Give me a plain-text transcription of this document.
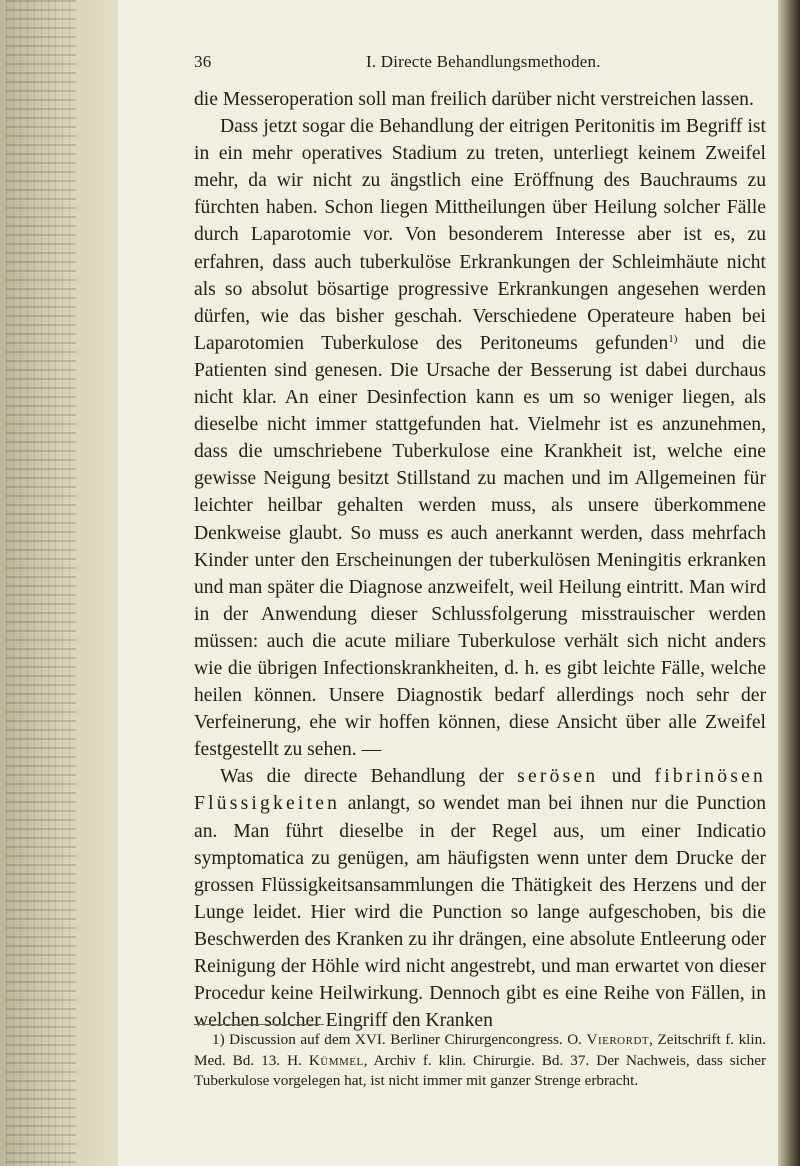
36	I. Directe Behandlungsmethoden.

die Messeroperation soll man freilich darüber nicht verstreichen lassen.

Dass jetzt sogar die Behandlung der eitrigen Peritonitis im Begriff ist in ein mehr operatives Stadium zu treten, unterliegt keinem Zweifel mehr, da wir nicht zu ängstlich eine Eröffnung des Bauchraums zu fürchten haben. Schon liegen Mittheilungen über Heilung solcher Fälle durch Laparotomie vor. Von besonderem Interesse aber ist es, zu erfahren, dass auch tuberkulöse Erkrankungen der Schleimhäute nicht als so absolut bösartige progressive Erkrankungen angesehen werden dürfen, wie das bisher geschah. Verschiedene Operateure haben bei Laparotomien Tuberkulose des Peritoneums gefunden$^{1)}$ und die Patienten sind genesen. Die Ursache der Besserung ist dabei durchaus nicht klar. An einer Desinfection kann es um so weniger liegen, als dieselbe nicht immer stattgefunden hat. Vielmehr ist es anzunehmen, dass die umschriebene Tuberkulose eine Krankheit ist, welche eine gewisse Neigung besitzt Stillstand zu machen und im Allgemeinen für leichter heilbar gehalten werden muss, als unsere überkommene Denkweise glaubt. So muss es auch anerkannt werden, dass mehrfach Kinder unter den Erscheinungen der tuberkulösen Meningitis erkranken und man später die Diagnose anzweifelt, weil Heilung eintritt. Man wird in der Anwendung dieser Schlussfolgerung misstrauischer werden müssen: auch die acute miliare Tuberkulose verhält sich nicht anders wie die übrigen Infectionskrankheiten, d. h. es gibt leichte Fälle, welche heilen können. Unsere Diagnostik bedarf allerdings noch sehr der Verfeinerung, ehe wir hoffen können, diese Ansicht über alle Zweifel festgestellt zu sehen. —

Was die directe Behandlung der serösen und fibrinösen Flüssigkeiten anlangt, so wendet man bei ihnen nur die Punction an. Man führt dieselbe in der Regel aus, um einer Indicatio symptomatica zu genügen, am häufigsten wenn unter dem Drucke der grossen Flüssigkeitsansammlungen die Thätigkeit des Herzens und der Lunge leidet. Hier wird die Punction so lange aufgeschoben, bis die Beschwerden des Kranken zu ihr drängen, eine absolute Entleerung oder Reinigung der Höhle wird nicht angestrebt, und man erwartet von dieser Procedur keine Heilwirkung. Dennoch gibt es eine Reihe von Fällen, in welchen solcher Eingriff den Kranken

1) Discussion auf dem XVI. Berliner Chirurgencongress. O. Vierordt, Zeitschrift f. klin. Med. Bd. 13. H. Kümmel, Archiv f. klin. Chirurgie. Bd. 37. Der Nachweis, dass sicher Tuberkulose vorgelegen hat, ist nicht immer mit ganzer Strenge erbracht.
